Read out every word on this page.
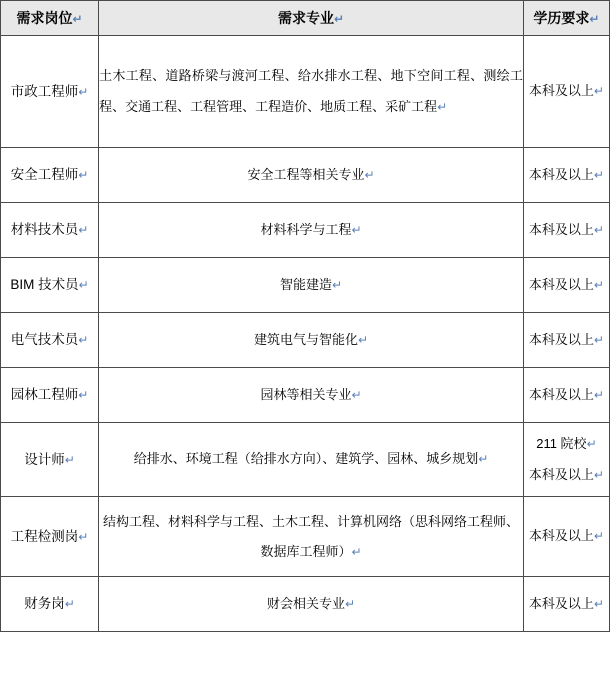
需求岗位↵	需求专业↵	学历要求↵
市政工程师↵	土木工程、道路桥梁与渡河工程、给水排水工程、地下空间工程、测绘工程、交通工程、工程管理、工程造价、地质工程、采矿工程↵	本科及以上↵
安全工程师↵	安全工程等相关专业↵	本科及以上↵
材料技术员↵	材料科学与工程↵	本科及以上↵
BIM 技术员↵	智能建造↵	本科及以上↵
电气技术员↵	建筑电气与智能化↵	本科及以上↵
园林工程师↵	园林等相关专业↵	本科及以上↵
设计师↵	给排水、环境工程（给排水方向）、建筑学、园林、城乡规划↵	211 院校↵
本科及以上↵

工程检测岗↵	结构工程、材料科学与工程、土木工程、计算机网络（思科网络工程师、数据库工程师）↵	本科及以上↵
财务岗↵	财会相关专业↵	本科及以上↵
